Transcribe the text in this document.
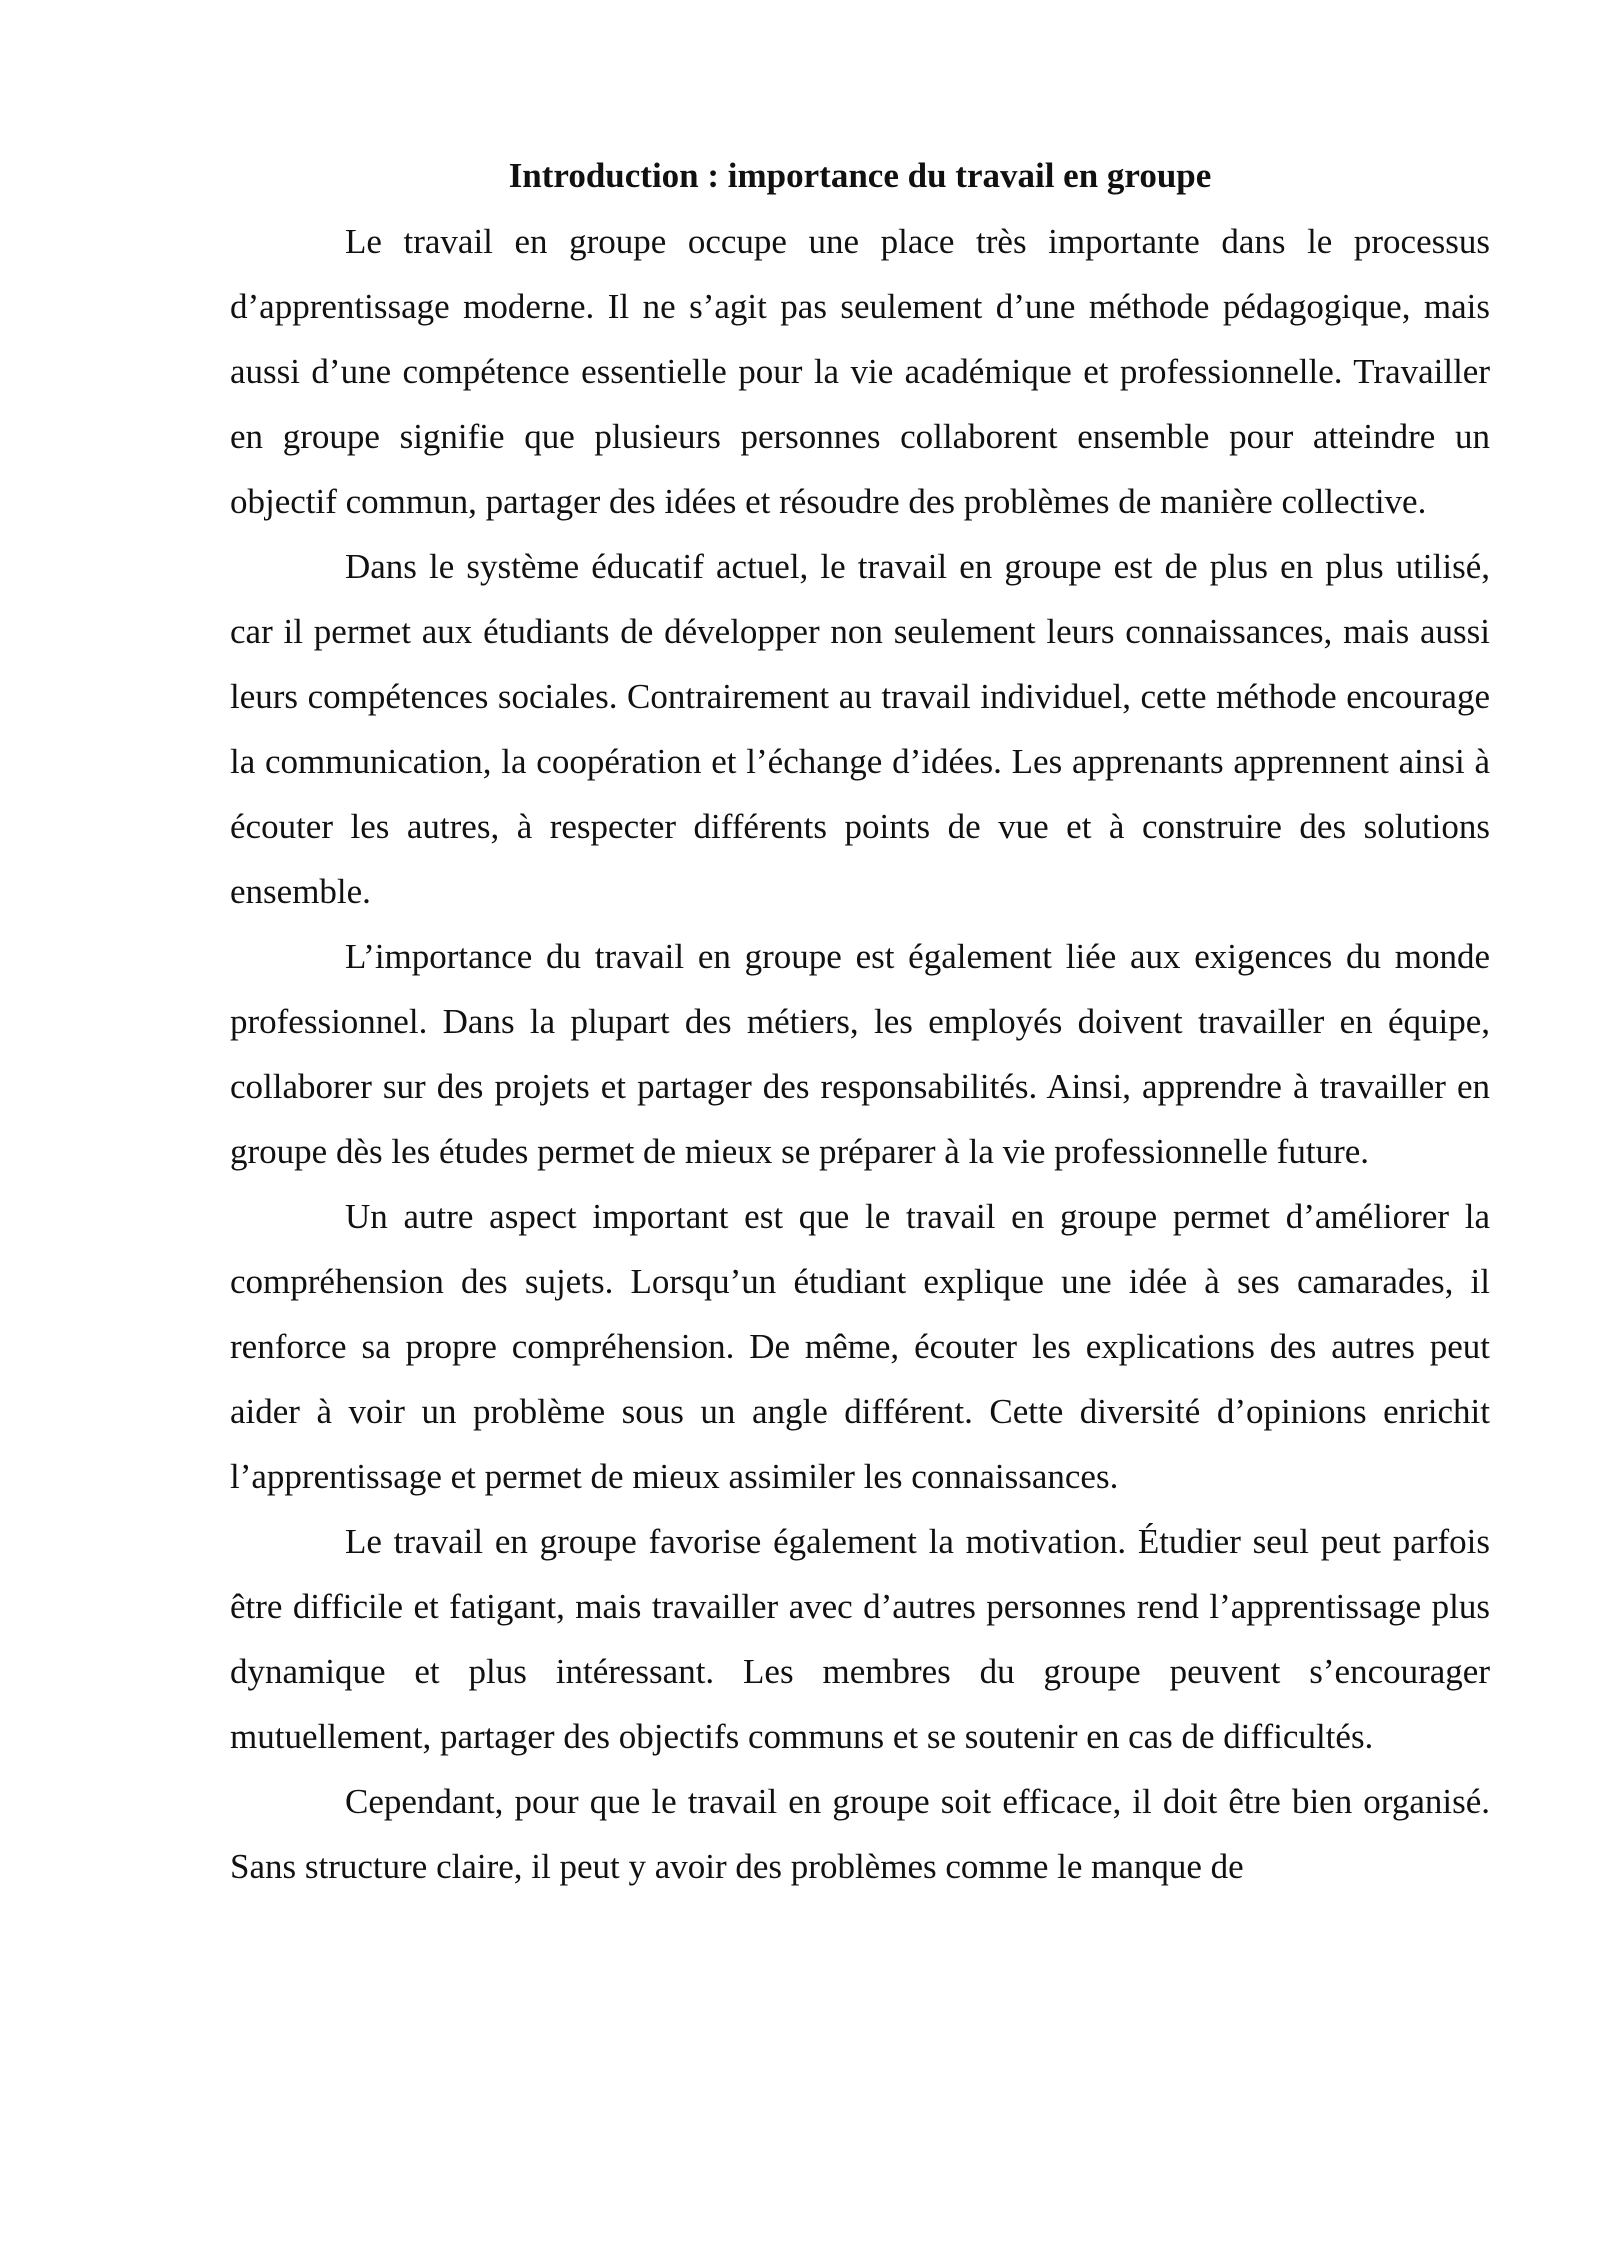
Introduction : importance du travail en groupe

Le travail en groupe occupe une place très importante dans le processus d’apprentissage moderne. Il ne s’agit pas seulement d’une méthode pédagogique, mais aussi d’une compétence essentielle pour la vie académique et professionnelle. Travailler en groupe signifie que plusieurs personnes collaborent ensemble pour atteindre un objectif commun, partager des idées et résoudre des problèmes de manière collective.

Dans le système éducatif actuel, le travail en groupe est de plus en plus utilisé, car il permet aux étudiants de développer non seulement leurs connaissances, mais aussi leurs compétences sociales. Contrairement au travail individuel, cette méthode encourage la communication, la coopération et l’échange d’idées. Les apprenants apprennent ainsi à écouter les autres, à respecter différents points de vue et à construire des solutions ensemble.

L’importance du travail en groupe est également liée aux exigences du monde professionnel. Dans la plupart des métiers, les employés doivent travailler en équipe, collaborer sur des projets et partager des responsabilités. Ainsi, apprendre à travailler en groupe dès les études permet de mieux se préparer à la vie professionnelle future.

Un autre aspect important est que le travail en groupe permet d’améliorer la compréhension des sujets. Lorsqu’un étudiant explique une idée à ses camarades, il renforce sa propre compréhension. De même, écouter les explications des autres peut aider à voir un problème sous un angle différent. Cette diversité d’opinions enrichit l’apprentissage et permet de mieux assimiler les connaissances.

Le travail en groupe favorise également la motivation. Étudier seul peut parfois être difficile et fatigant, mais travailler avec d’autres personnes rend l’apprentissage plus dynamique et plus intéressant. Les membres du groupe peuvent s’encourager mutuellement, partager des objectifs communs et se soutenir en cas de difficultés.

Cependant, pour que le travail en groupe soit efficace, il doit être bien organisé. Sans structure claire, il peut y avoir des problèmes comme le manque de
